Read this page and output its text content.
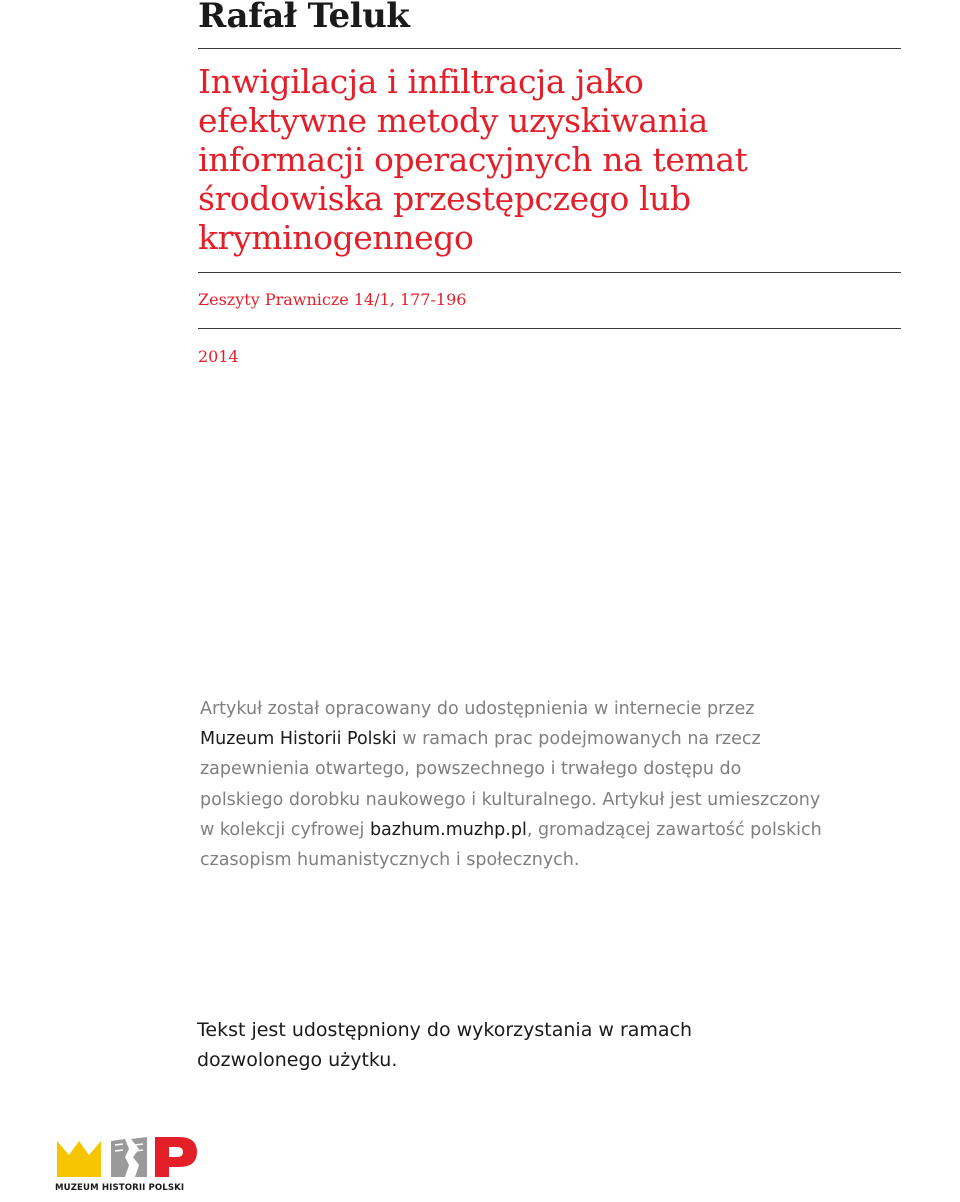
Rafał Teluk
Inwigilacja i infiltracja jako
efektywne metody uzyskiwania
informacji operacyjnych na temat
środowiska przestępczego lub
kryminogennego

Zeszyty Prawnicze 14/1, 177-196

2014

Artykuł został opracowany do udostępnienia w internecie przez
Muzeum Historii Polski w ramach prac podejmowanych na rzecz
zapewnienia otwartego, powszechnego i trwałego dostępu do
polskiego dorobku naukowego i kulturalnego. Artykuł jest umieszczony
w kolekcji cyfrowej bazhum.muzhp.pl, gromadzącej zawartość polskich
czasopism humanistycznych i społecznych.

Tekst jest udostępniony do wykorzystania w ramach
dozwolonego użytku.

MUZEUM HISTORII POLSKI
